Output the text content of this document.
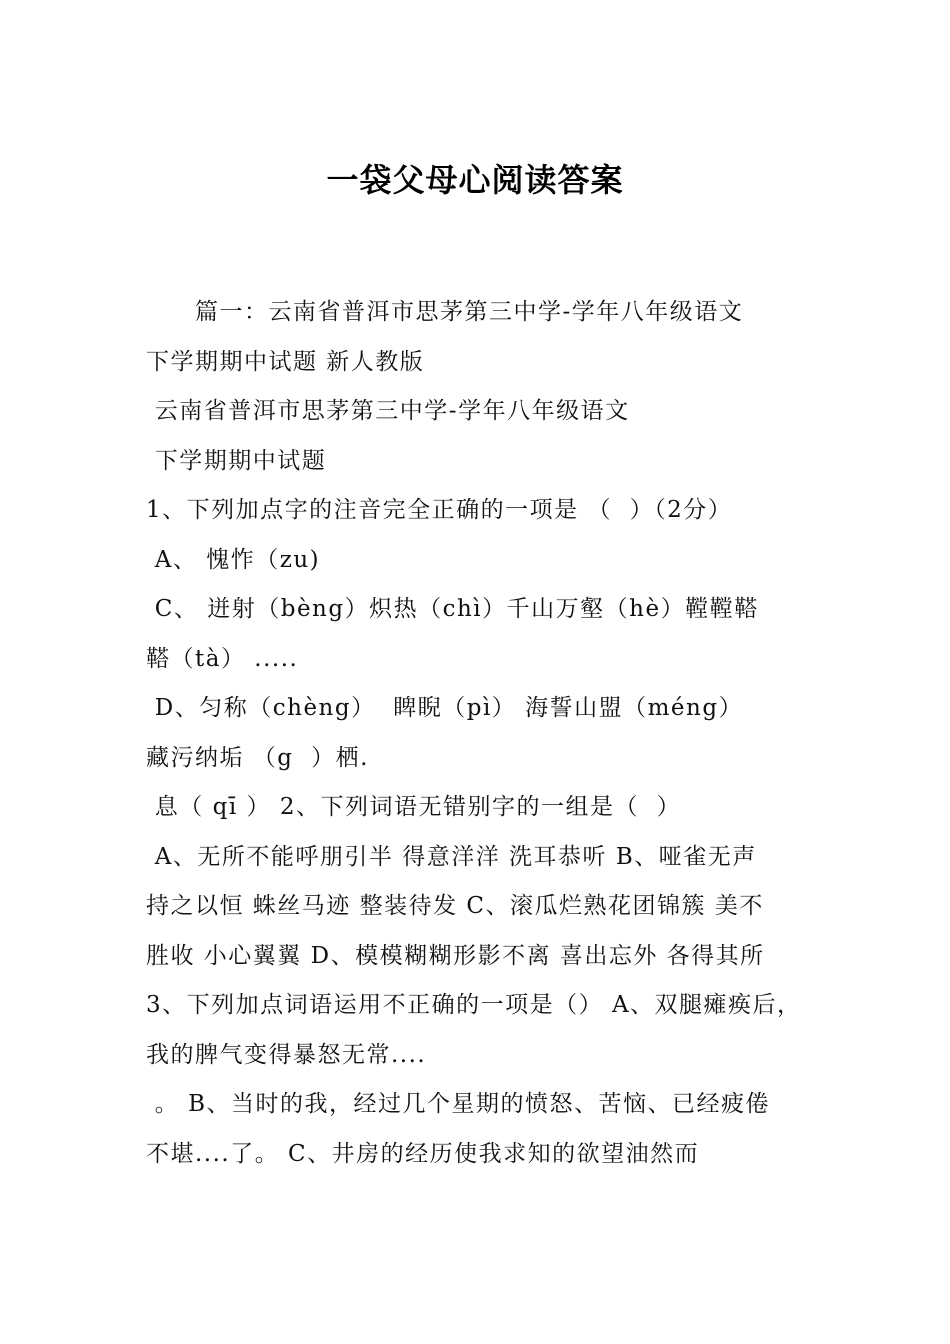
一袋父母心阅读答案
　　篇一：云南省普洱市思茅第三中学-学年八年级语文
下学期期中试题 新人教版
云南省普洱市思茅第三中学-学年八年级语文
下学期期中试题
1、下列加点字的注音完全正确的一项是 （  ）（2分）
A、 愧怍（zu)
C、 迸射（bèng）炽热（chì）千山万壑（hè）鞺鞺鞳
鞳（tà） .....
D、匀称（chèng）  睥睨（pì） 海誓山盟（méng）
藏污纳垢 （g  ）栖.
息（ qī ） 2、下列词语无错别字的一组是（  ）
A、无所不能呼朋引半 得意洋洋 洗耳恭听 B、哑雀无声
持之以恒 蛛丝马迹 整装待发 C、滚瓜烂熟花团锦簇 美不
胜收 小心翼翼 D、模模糊糊形影不离 喜出忘外 各得其所
3、下列加点词语运用不正确的一项是（） A、双腿瘫痪后，
我的脾气变得暴怒无常....
。 B、当时的我，经过几个星期的愤怒、苦恼、已经疲倦
不堪....了。 C、井房的经历使我求知的欲望油然而
